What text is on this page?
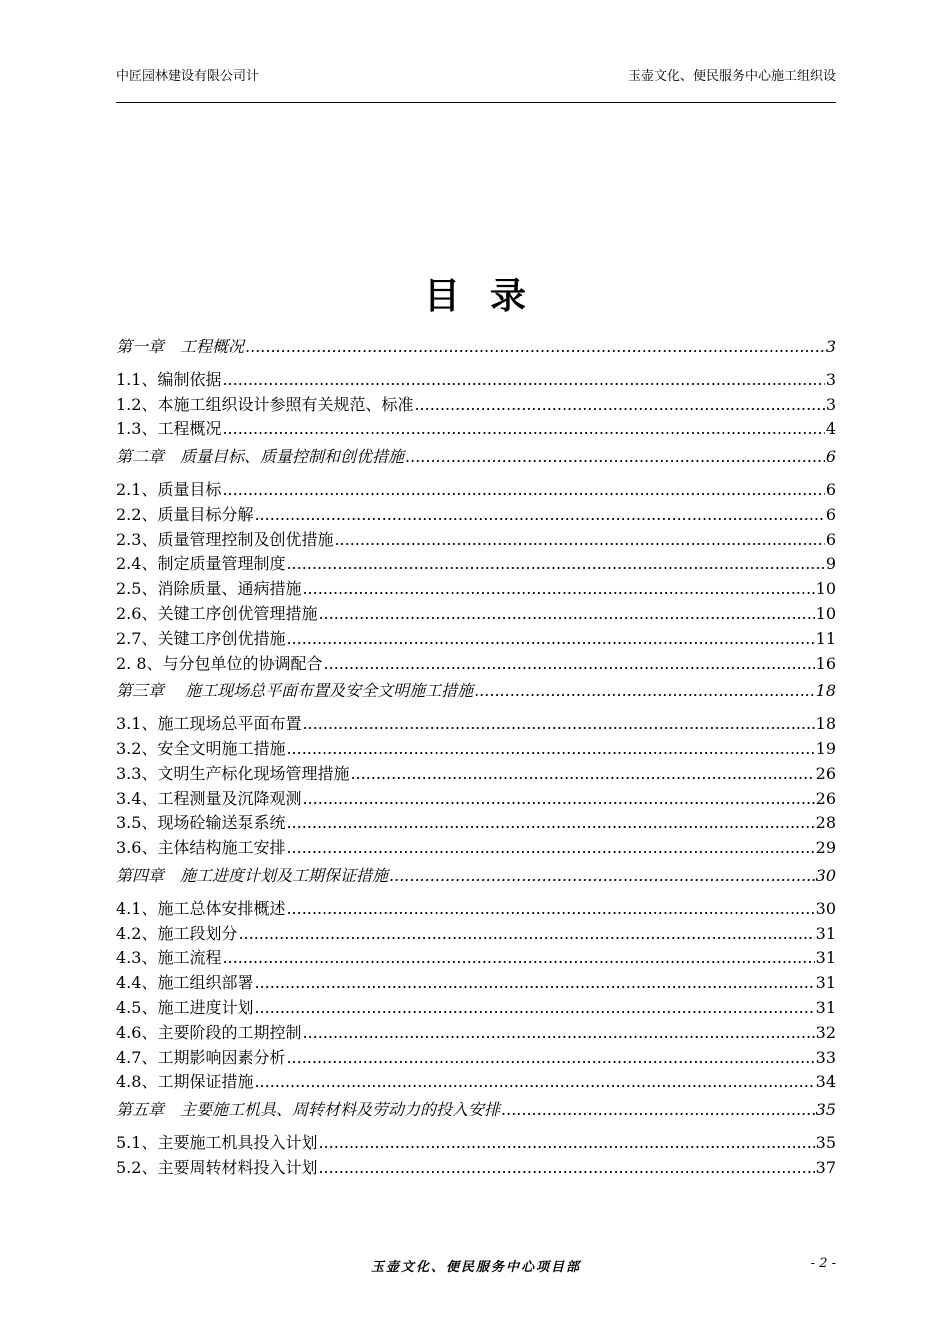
中匠园林建设有限公司计	玉壶文化、便民服务中心施工组织设
目录
第一章　工程概况 .....	3
1.1、编制依据 .....	3
1.2、本施工组织设计参照有关规范、标准 .....	3
1.3、工程概况 .....	4
第二章　质量目标、质量控制和创优措施 .....	6
2.1、质量目标 .....	6
2.2、质量目标分解 .....	6
2.3、质量管理控制及创优措施 .....	6
2.4、制定质量管理制度 .....	9
2.5、消除质量、通病措施 .....	10
2.6、关键工序创优管理措施 .....	10
2.7、关键工序创优措施 .....	11
2. 8、与分包单位的协调配合 .....	16
第三章　 施工现场总平面布置及安全文明施工措施 .....	18
3.1、施工现场总平面布置 .....	18
3.2、安全文明施工措施 .....	19
3.3、文明生产标化现场管理措施 .....	26
3.4、工程测量及沉降观测 .....	26
3.5、现场砼输送泵系统 .....	28
3.6、主体结构施工安排 .....	29
第四章　施工进度计划及工期保证措施 .....	30
4.1、施工总体安排概述 .....	30
4.2、施工段划分 .....	31
4.3、施工流程 .....	31
4.4、施工组织部署 .....	31
4.5、施工进度计划 .....	31
4.6、主要阶段的工期控制 .....	32
4.7、工期影响因素分析 .....	33
4.8、工期保证措施 .....	34
第五章　主要施工机具、周转材料及劳动力的投入安排 .....	35
5.1、主要施工机具投入计划 .....	35
5.2、主要周转材料投入计划 .....	37
玉壶文化、便民服务中心项目部	- 2 -
